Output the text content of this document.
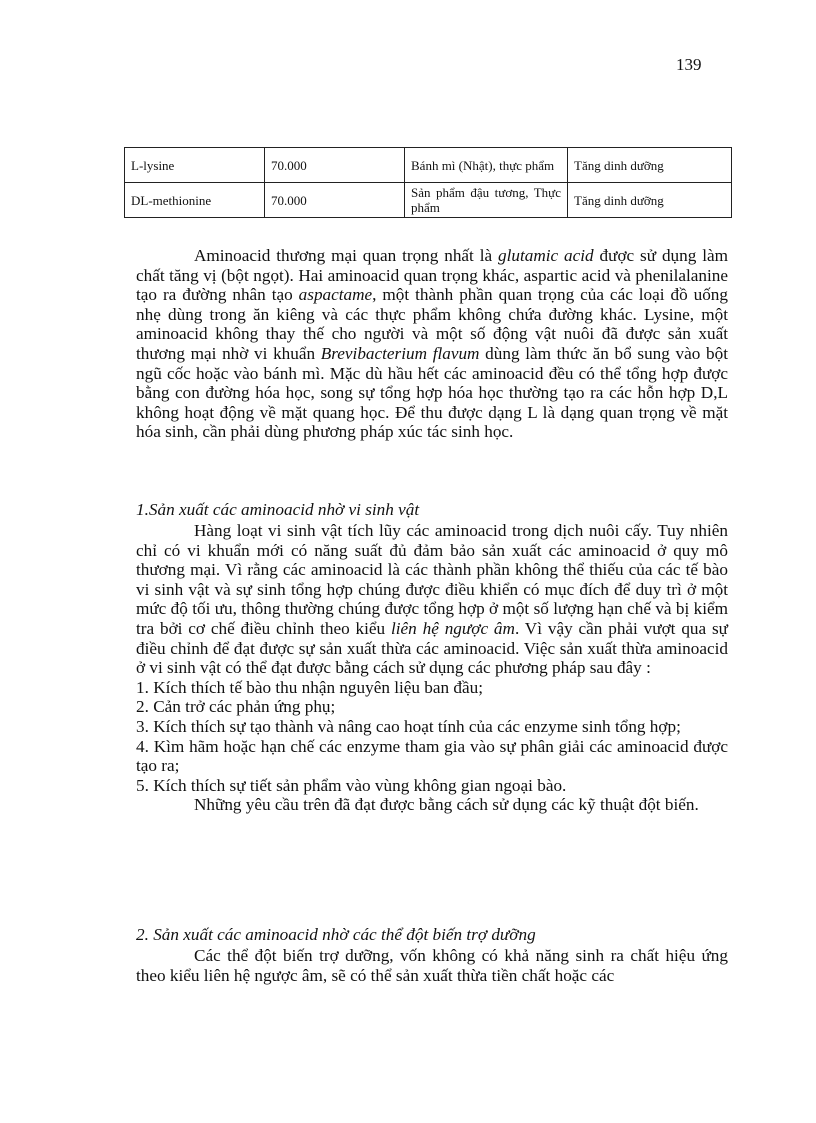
139
L-lysine	70.000	Bánh mì (Nhật), thực phẩm	Tăng dinh dưỡng
DL-methionine	70.000	Sản phẩm đậu tương, Thực phẩm	Tăng dinh dưỡng

Aminoacid thương mại quan trọng nhất là glutamic acid được sử dụng làm chất tăng vị (bột ngọt). Hai aminoacid quan trọng khác, aspartic acid và phenilalanine tạo ra đường nhân tạo aspactame, một thành phần quan trọng của các loại đồ uống nhẹ dùng trong ăn kiêng và các thực phẩm không chứa đường khác. Lysine, một aminoacid không thay thế cho người và một số động vật nuôi đã được sản xuất thương mại nhờ vi khuẩn Brevibacterium flavum dùng làm thức ăn bổ sung vào bột ngũ cốc hoặc vào bánh mì. Mặc dù hầu hết các aminoacid đều có thể tổng hợp được bằng con đường hóa học, song sự tổng hợp hóa học thường tạo ra các hỗn hợp D,L không hoạt động về mặt quang học. Để thu được dạng L là dạng quan trọng về mặt hóa sinh, cần phải dùng phương pháp xúc tác sinh học.

1.Sản xuất các aminoacid nhờ vi sinh vật

Hàng loạt vi sinh vật tích lũy các aminoacid trong dịch nuôi cấy. Tuy nhiên chỉ có vi khuẩn mới có năng suất đủ đảm bảo sản xuất các aminoacid ở quy mô thương mại. Vì rằng các aminoacid là các thành phần không thể thiếu của các tế bào vi sinh vật và sự sinh tổng hợp chúng được điều khiển có mục đích để duy trì ở một mức độ tối ưu, thông thường chúng được tổng hợp ở một số lượng hạn chế và bị kiểm tra bởi cơ chế điều chỉnh theo kiểu liên hệ ngược âm. Vì vậy cần phải vượt qua sự điều chỉnh để đạt được sự sản xuất thừa các aminoacid. Việc sản xuất thừa aminoacid ở vi sinh vật có thể đạt được bằng cách sử dụng các phương pháp sau đây :

1. Kích thích tế bào thu nhận nguyên liệu ban đầu;

2. Cản trở các phản ứng phụ;

3. Kích thích sự tạo thành và nâng cao hoạt tính của các enzyme sinh tổng hợp;

4. Kìm hãm hoặc hạn chế các enzyme tham gia vào sự phân giải các aminoacid được tạo ra;

5. Kích thích sự tiết sản phẩm vào vùng không gian ngoại bào.

Những yêu cầu trên đã đạt được bằng cách sử dụng các kỹ thuật đột biến.

2. Sản xuất các aminoacid nhờ các thể đột biến trợ dưỡng

Các thể đột biến trợ dưỡng, vốn không có khả năng sinh ra chất hiệu ứng theo kiểu liên hệ ngược âm, sẽ có thể sản xuất thừa tiền chất hoặc các
